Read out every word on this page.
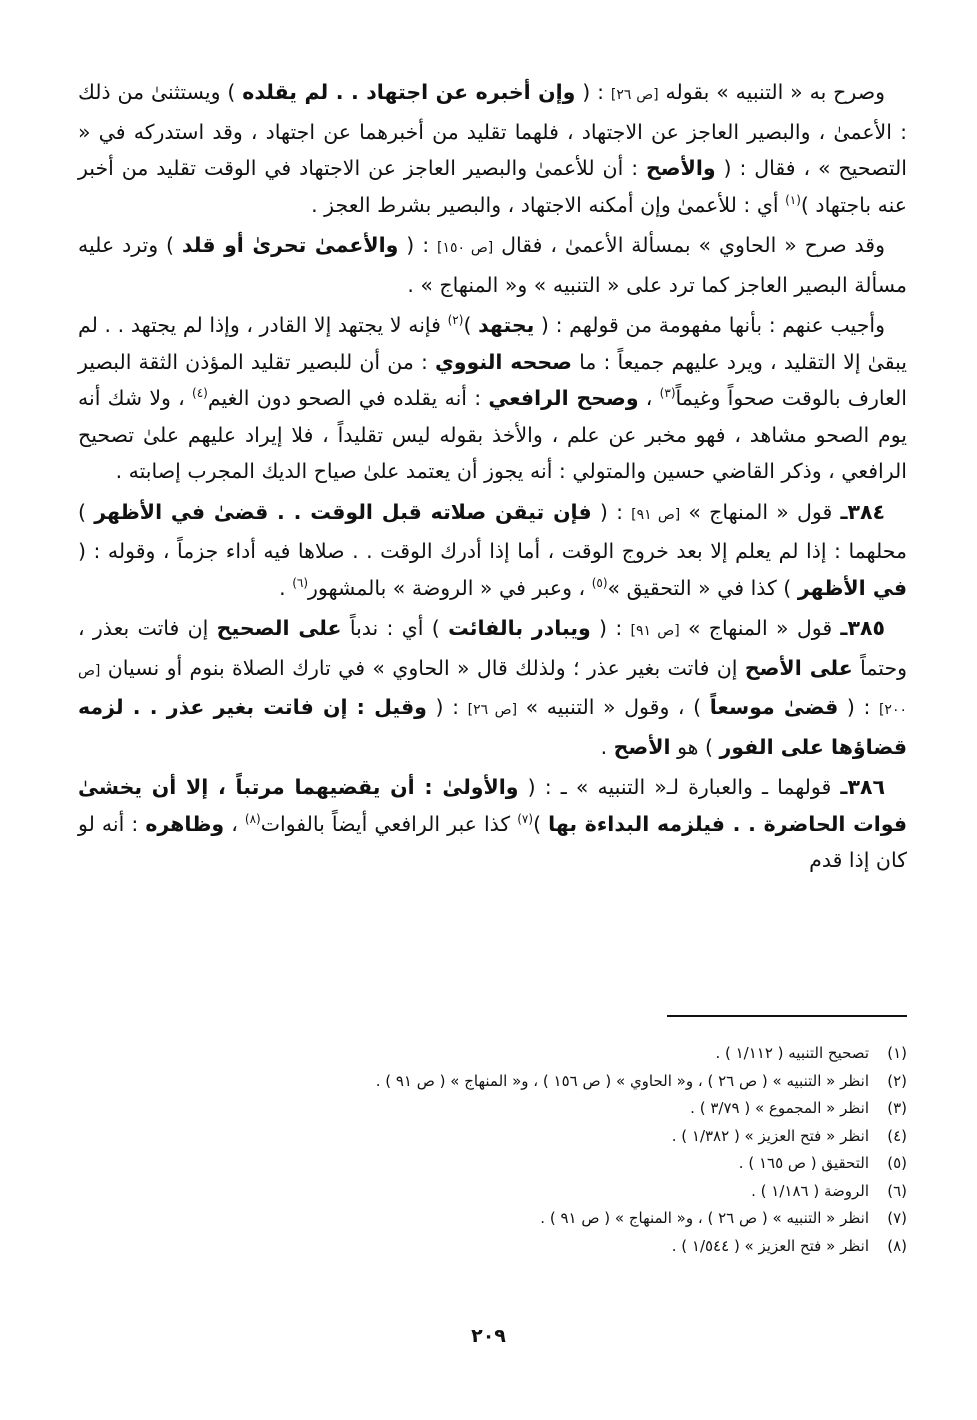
وصرح به « التنبيه » بقوله [ص ٢٦] : ( وإن أخبره عن اجتهاد . . لم يقلده ) ويستثنىٰ من ذلك : الأعمىٰ ، والبصير العاجز عن الاجتهاد ، فلهما تقليد من أخبرهما عن اجتهاد ، وقد استدركه في « التصحيح » ، فقال : ( والأصح : أن للأعمىٰ والبصير العاجز عن الاجتهاد في الوقت تقليد من أخبر عنه باجتهاد )$^{(١)}$ أي : للأعمىٰ وإن أمكنه الاجتهاد ، والبصير بشرط العجز .

وقد صرح « الحاوي » بمسألة الأعمىٰ ، فقال [ص ١٥٠] : ( والأعمىٰ تحرىٰ أو قلد ) وترد عليه مسألة البصير العاجز كما ترد على « التنبيه » و« المنهاج » .

وأجيب عنهم : بأنها مفهومة من قولهم : ( يجتهد )$^{(٢)}$ فإنه لا يجتهد إلا القادر ، وإذا لم يجتهد . . لم يبقىٰ إلا التقليد ، ويرد عليهم جميعاً : ما صححه النووي : من أن للبصير تقليد المؤذن الثقة البصير العارف بالوقت صحواً وغيماً$^{(٣)}$ ، وصحح الرافعي : أنه يقلده في الصحو دون الغيم$^{(٤)}$ ، ولا شك أنه يوم الصحو مشاهد ، فهو مخبر عن علم ، والأخذ بقوله ليس تقليداً ، فلا إيراد عليهم علىٰ تصحيح الرافعي ، وذكر القاضي حسين والمتولي : أنه يجوز أن يعتمد علىٰ صياح الديك المجرب إصابته .

٣٨٤ـ قول « المنهاج » [ص ٩١] : ( فإن تيقن صلاته قبل الوقت . . قضىٰ في الأظهر ) محلهما : إذا لم يعلم إلا بعد خروج الوقت ، أما إذا أدرك الوقت . . صلاها فيه أداء جزماً ، وقوله : ( في الأظهر ) كذا في « التحقيق »$^{(٥)}$ ، وعبر في « الروضة » بالمشهور$^{(٦)}$ .

٣٨٥ـ قول « المنهاج » [ص ٩١] : ( ويبادر بالفائت ) أي : ندباً على الصحيح إن فاتت بعذر ، وحتماً على الأصح إن فاتت بغير عذر ؛ ولذلك قال « الحاوي » في تارك الصلاة بنوم أو نسيان [ص ٢٠٠] : ( قضىٰ موسعاً ) ، وقول « التنبيه » [ص ٢٦] : ( وقيل : إن فاتت بغير عذر . . لزمه قضاؤها على الفور ) هو الأصح .

٣٨٦ـ قولهما ـ والعبارة لـ« التنبيه » ـ : ( والأولىٰ : أن يقضيهما مرتباً ، إلا أن يخشىٰ فوات الحاضرة . . فيلزمه البداءة بها )$^{(٧)}$ كذا عبر الرافعي أيضاً بالفوات$^{(٨)}$ ، وظاهره : أنه لو كان إذا قدم

(١)
تصحيح التنبيه ( ١/١١٢ ) .
(٢)
انظر « التنبيه » ( ص ٢٦ ) ، و« الحاوي » ( ص ١٥٦ ) ، و« المنهاج » ( ص ٩١ ) .
(٣)
انظر « المجموع » ( ٣/٧٩ ) .
(٤)
انظر « فتح العزيز » ( ١/٣٨٢ ) .
(٥)
التحقيق ( ص ١٦٥ ) .
(٦)
الروضة ( ١/١٨٦ ) .
(٧)
انظر « التنبيه » ( ص ٢٦ ) ، و« المنهاج » ( ص ٩١ ) .
(٨)
انظر « فتح العزيز » ( ١/٥٤٤ ) .
٢٠٩
